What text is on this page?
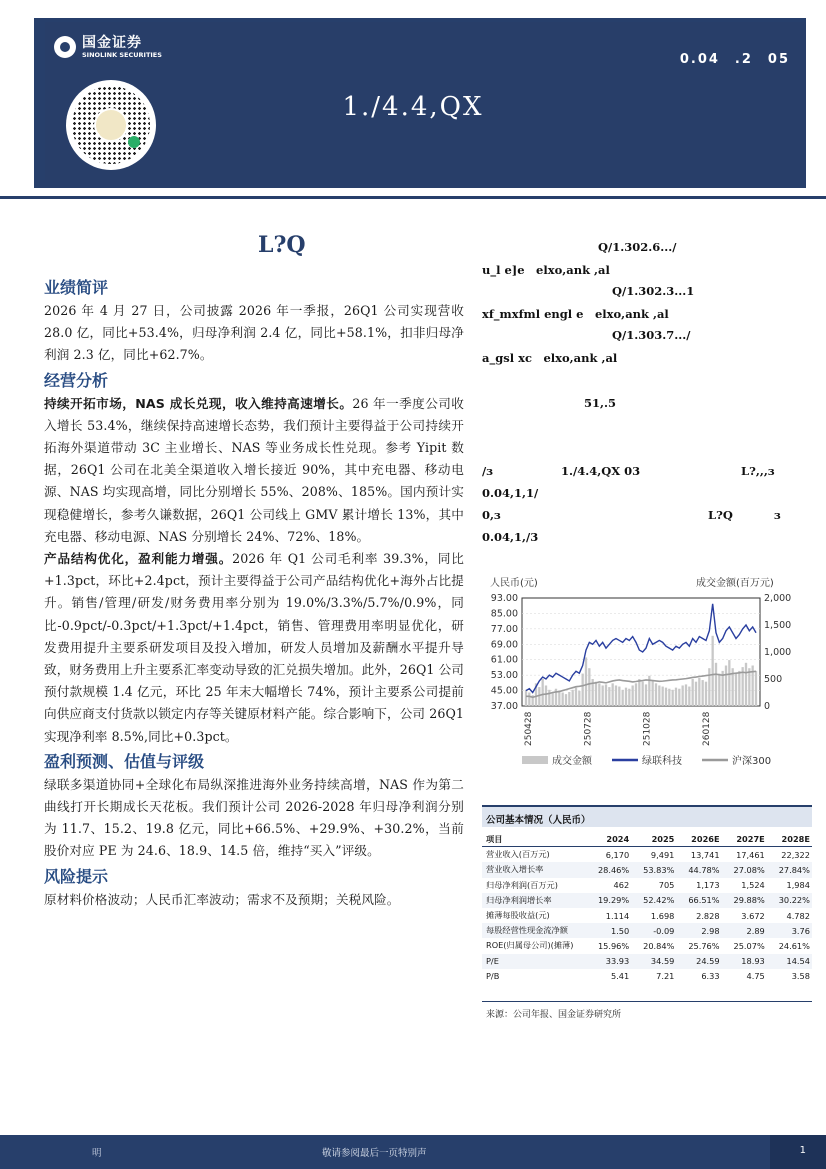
国金证券
SINOLINK SECURITIES	0.04　.2　05
1./4.4,QX
L?Q
业绩简评

2026 年 4 月 27 日，公司披露 2026 年一季报，26Q1 公司实现营收 28.0 亿，同比+53.4%，归母净利润 2.4 亿，同比+58.1%，扣非归母净利润 2.3 亿，同比+62.7%。

经营分析

持续开拓市场，NAS 成长兑现，收入维持高速增长。26 年一季度公司收入增长 53.4%，继续保持高速增长态势，我们预计主要得益于公司持续开拓海外渠道带动 3C 主业增长、NAS 等业务成长性兑现。参考 Yipit 数据，26Q1 公司在北美全渠道收入增长接近 90%，其中充电器、移动电源、NAS 均实现高增，同比分别增长 55%、208%、185%。国内预计实现稳健增长，参考久谦数据，26Q1 公司线上 GMV 累计增长 13%，其中充电器、移动电源、NAS 分别增长 24%、72%、18%。

产品结构优化，盈利能力增强。2026 年 Q1 公司毛利率 39.3%，同比+1.3pct，环比+2.4pct，预计主要得益于公司产品结构优化+海外占比提升。销售/管理/研发/财务费用率分别为 19.0%/3.3%/5.7%/0.9%，同比-0.9pct/-0.3pct/+1.3pct/+1.4pct，销售、管理费用率明显优化，研发费用提升主要系研发项目及投入增加，研发人员增加及薪酬水平提升导致，财务费用上升主要系汇率变动导致的汇兑损失增加。此外，26Q1 公司预付款规模 1.4 亿元，环比 25 年末大幅增长 74%，预计主要系公司提前向供应商支付货款以锁定内存等关键原材料产能。综合影响下，公司 26Q1 实现净利率 8.5%,同比+0.3pct。

盈利预测、估值与评级

绿联多渠道协同+全球化布局纵深推进海外业务持续高增，NAS 作为第二曲线打开长期成长天花板。我们预计公司 2026-2028 年归母净利润分别为 11.7、15.2、19.8 亿元，同比+66.5%、+29.9%、+30.2%，当前股价对应 PE 为 24.6、18.9、14.5 倍，维持“买入”评级。

风险提示

原材料价格波动；人民币汇率波动；需求不及预期；关税风险。

Q/1.302.6.../
u_l e]e　elxo,ank ,al
Q/1.302.3...1
xf_mxfml engl e　elxo,ank ,al
Q/1.303.7.../
a_gsl xc　elxo,ank ,al
51,.5
/ɜ	1./4.4,QX 03	L?,,,ɜ
0.04,1,1/
0,ɜ	L?Q	ɜ
0.04,1,/3
人民币(元)	成交金额(百万元)
93.00
85.00
77.00
69.00
61.00
53.00
45.00
37.00
2,000
1,500
1,000
500
0
250428	250728	251028	260128
成交金额	绿联科技	沪深300
公司基本情况（人民币）
项目	2024	2025	2026E	2027E	2028E
营业收入(百万元)	6,170	9,491	13,741	17,461	22,322
营业收入增长率	28.46%	53.83%	44.78%	27.08%	27.84%
归母净利润(百万元)	462	705	1,173	1,524	1,984
归母净利润增长率	19.29%	52.42%	66.51%	29.88%	30.22%
摊薄每股收益(元)	1.114	1.698	2.828	3.672	4.782
每股经营性现金流净额	1.50	-0.09	2.98	2.89	3.76
ROE(归属母公司)(摊薄)	15.96%	20.84%	25.76%	25.07%	24.61%
P/E	33.93	34.59	24.59	18.93	14.54
P/B	5.41	7.21	6.33	4.75	3.58
来源：公司年报、国金证券研究所
明	敬请参阅最后一页特别声	1
